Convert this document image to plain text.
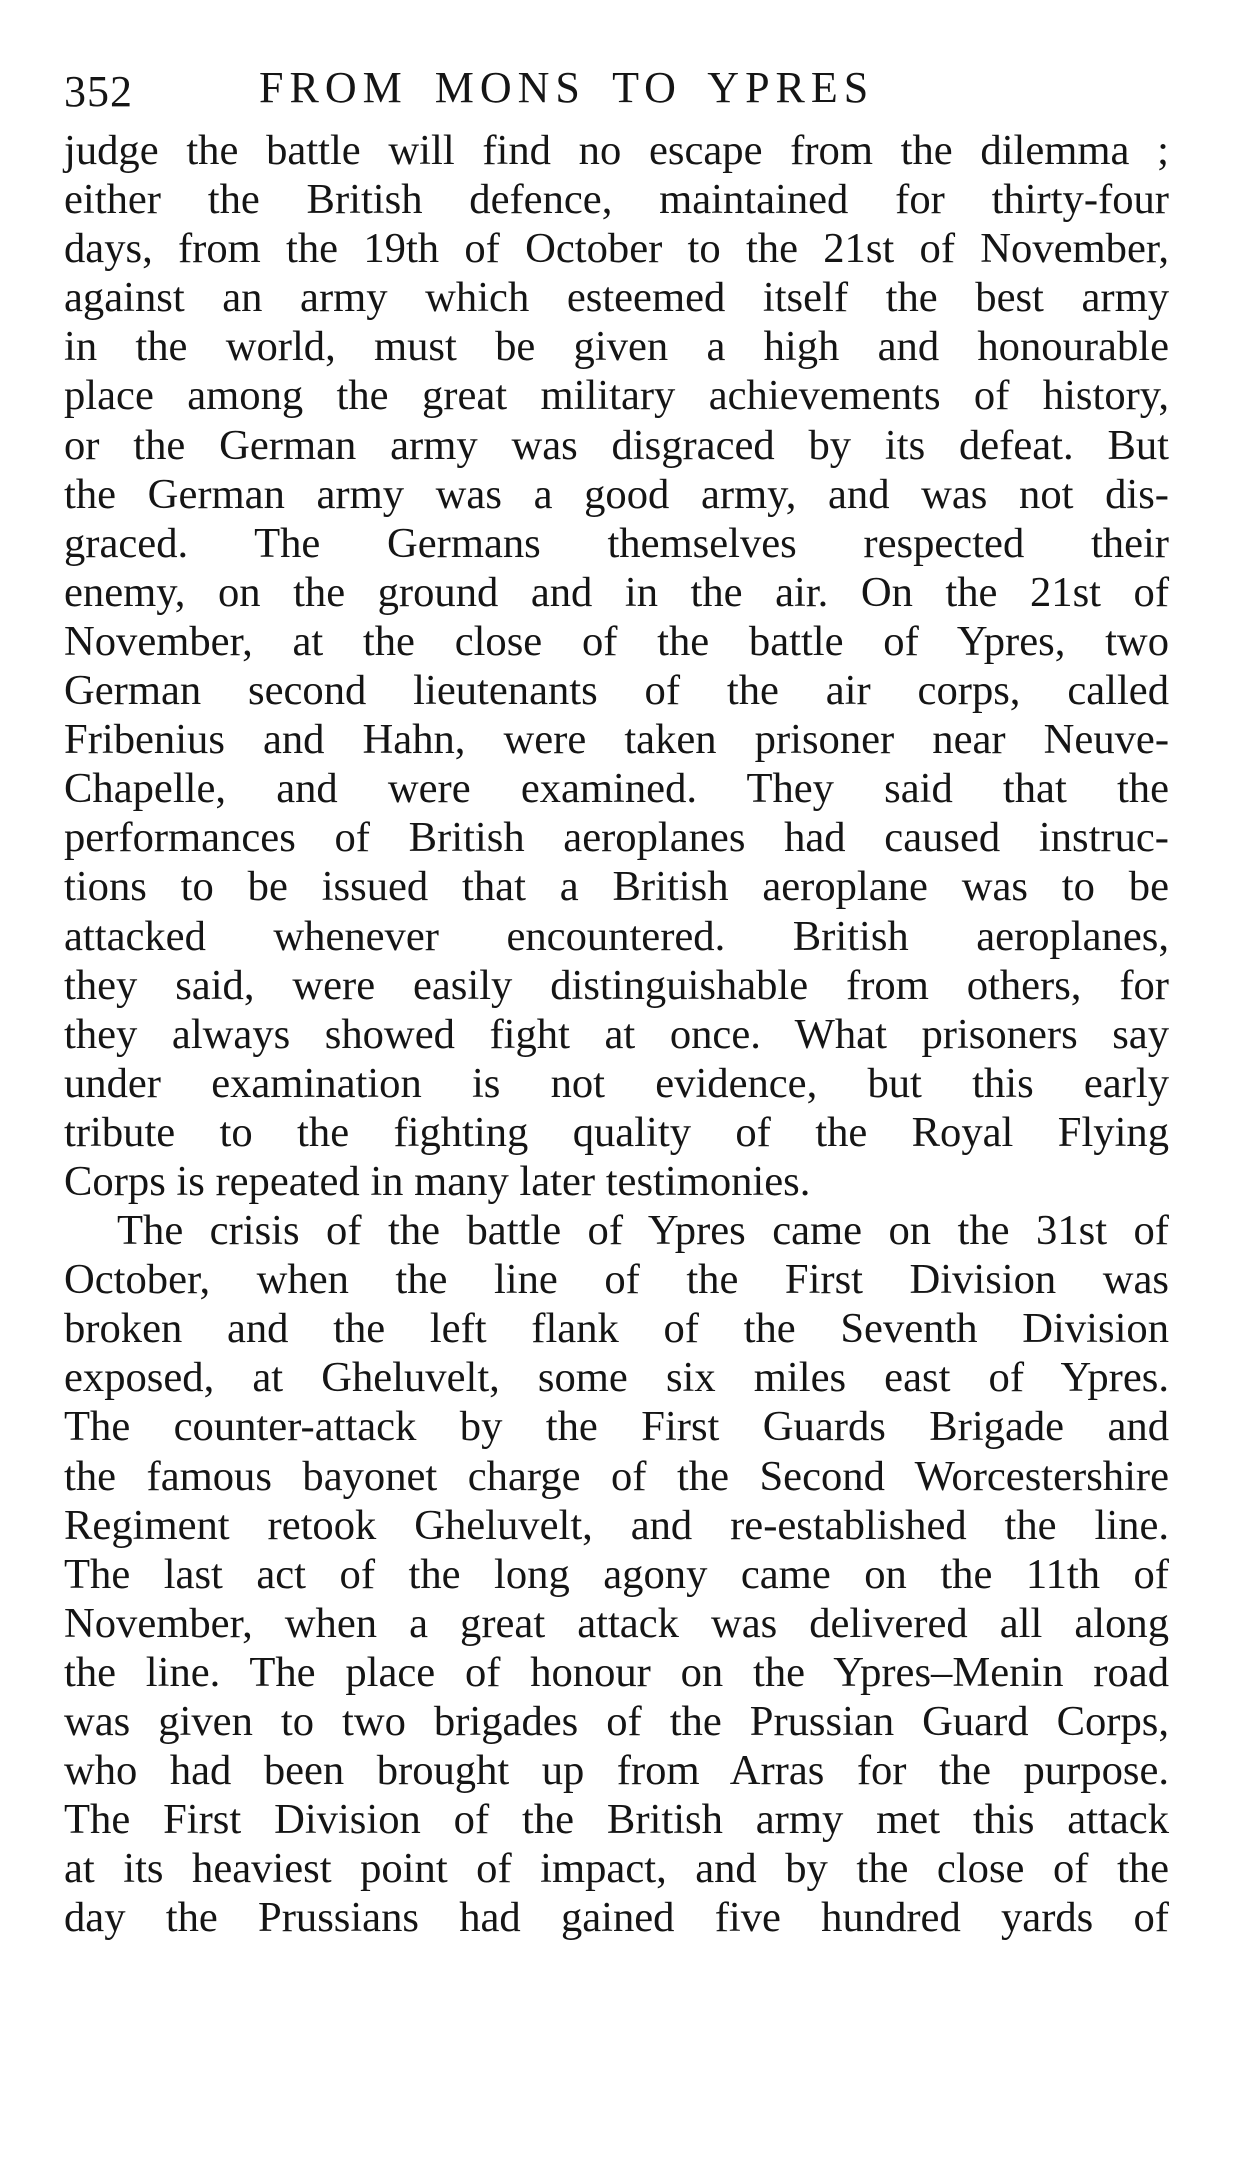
352	FROM MONS TO YPRES
judge the battle will find no escape from the dilemma ;
either the British defence, maintained for thirty-four
days, from the 19th of October to the 21st of November,
against an army which esteemed itself the best army
in the world, must be given a high and honourable
place among the great military achievements of history,
or the German army was disgraced by its defeat. But
the German army was a good army, and was not dis-
graced. The Germans themselves respected their
enemy, on the ground and in the air. On the 21st of
November, at the close of the battle of Ypres, two
German second lieutenants of the air corps, called
Fribenius and Hahn, were taken prisoner near Neuve-
Chapelle, and were examined. They said that the
performances of British aeroplanes had caused instruc-
tions to be issued that a British aeroplane was to be
attacked whenever encountered. British aeroplanes,
they said, were easily distinguishable from others, for
they always showed fight at once. What prisoners say
under examination is not evidence, but this early
tribute to the fighting quality of the Royal Flying
Corps is repeated in many later testimonies.
The crisis of the battle of Ypres came on the 31st of
October, when the line of the First Division was
broken and the left flank of the Seventh Division
exposed, at Gheluvelt, some six miles east of Ypres.
The counter-attack by the First Guards Brigade and
the famous bayonet charge of the Second Worcestershire
Regiment retook Gheluvelt, and re-established the line.
The last act of the long agony came on the 11th of
November, when a great attack was delivered all along
the line. The place of honour on the Ypres–Menin road
was given to two brigades of the Prussian Guard Corps,
who had been brought up from Arras for the purpose.
The First Division of the British army met this attack
at its heaviest point of impact, and by the close of the
day the Prussians had gained five hundred yards of
